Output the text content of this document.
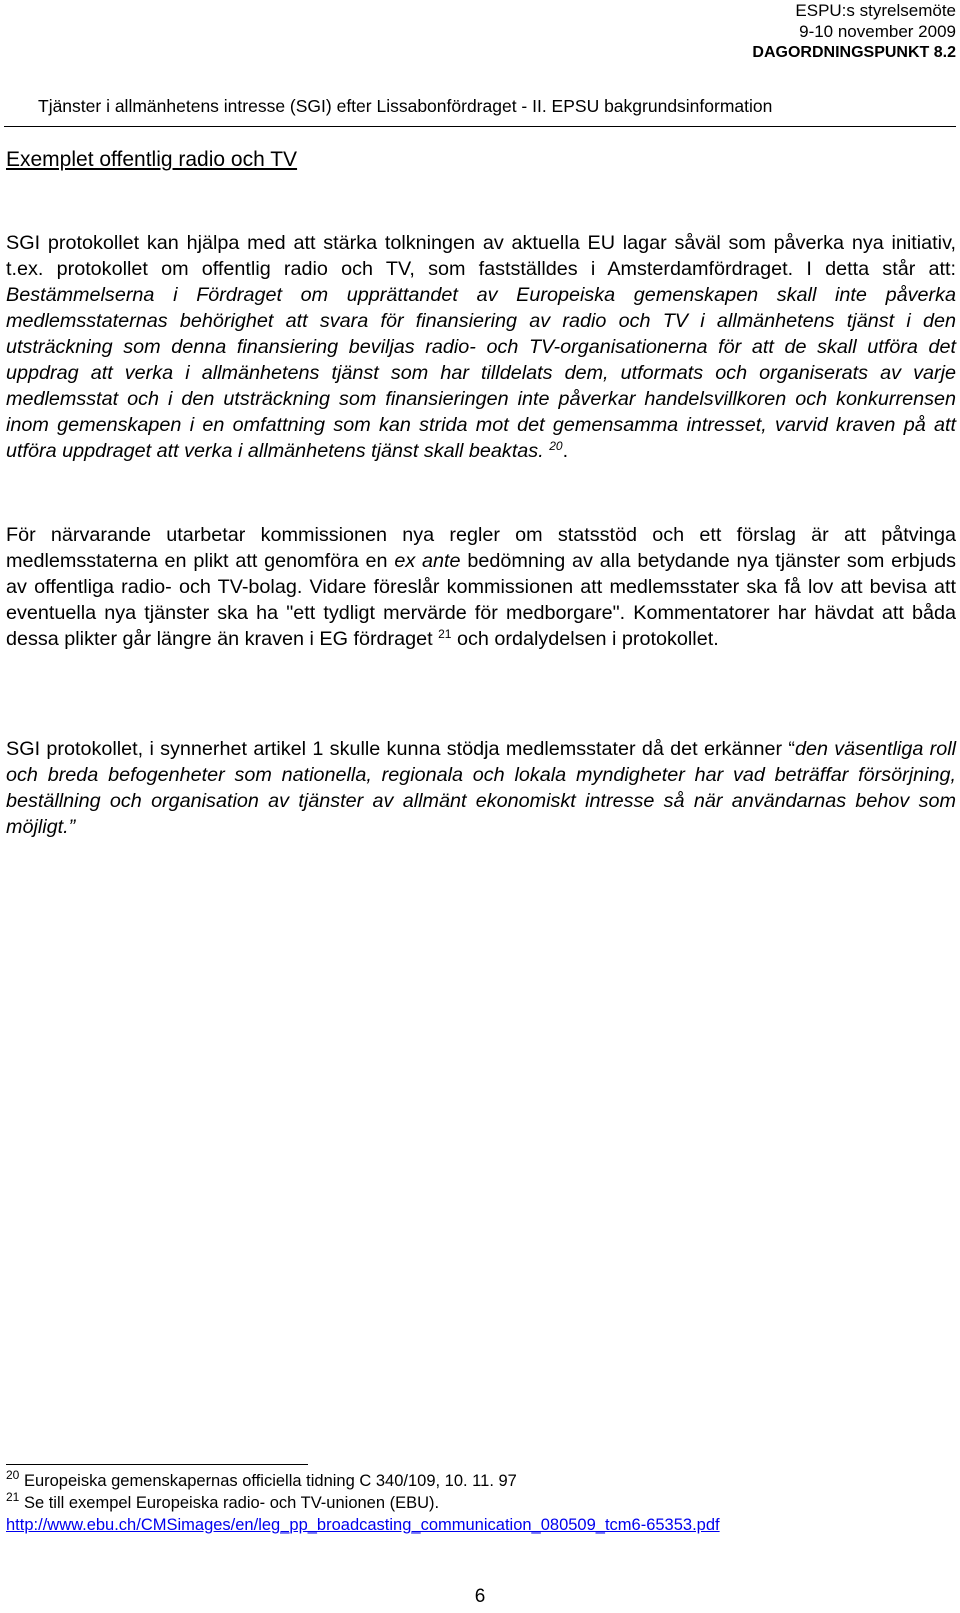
ESPU:s styrelsemöte
9-10 november 2009
DAGORDNINGSPUNKT 8.2
Tjänster i allmänhetens intresse (SGI) efter Lissabonfördraget - II. EPSU bakgrundsinformation
Exemplet offentlig radio och TV
SGI protokollet kan hjälpa med att stärka tolkningen av aktuella EU lagar såväl som påverka nya initiativ, t.ex. protokollet om offentlig radio och TV, som fastställdes i Amsterdamfördraget. I detta står att: Bestämmelserna i Fördraget om upprättandet av Europeiska gemenskapen skall inte påverka medlemsstaternas behörighet att svara för finansiering av radio och TV i allmänhetens tjänst i den utsträckning som denna finansiering beviljas radio- och TV-organisationerna för att de skall utföra det uppdrag att verka i allmänhetens tjänst som har tilldelats dem, utformats och organiserats av varje medlemsstat och i den utsträckning som finansieringen inte påverkar handelsvillkoren och konkurrensen inom gemenskapen i en omfattning som kan strida mot det gemensamma intresset, varvid kraven på att utföra uppdraget att verka i allmänhetens tjänst skall beaktas. $^{20}$.
För närvarande utarbetar kommissionen nya regler om statsstöd och ett förslag är att påtvinga medlemsstaterna en plikt att genomföra en ex ante bedömning av alla betydande nya tjänster som erbjuds av offentliga radio- och TV-bolag. Vidare föreslår kommissionen att medlemsstater ska få lov att bevisa att eventuella nya tjänster ska ha "ett tydligt mervärde för medborgare". Kommentatorer har hävdat att båda dessa plikter går längre än kraven i EG fördraget $^{21}$ och ordalydelsen i protokollet.
SGI protokollet, i synnerhet artikel 1 skulle kunna stödja medlemsstater då det erkänner “den väsentliga roll och breda befogenheter som nationella, regionala och lokala myndigheter har vad beträffar försörjning, beställning och organisation av tjänster av allmänt ekonomiskt intresse så när användarnas behov som möjligt.”
$^{20}$ Europeiska gemenskapernas officiella tidning C 340/109, 10. 11. 97
$^{21}$ Se till exempel Europeiska radio- och TV-unionen (EBU).
http://www.ebu.ch/CMSimages/en/leg_pp_broadcasting_communication_080509_tcm6-65353.pdf
6
